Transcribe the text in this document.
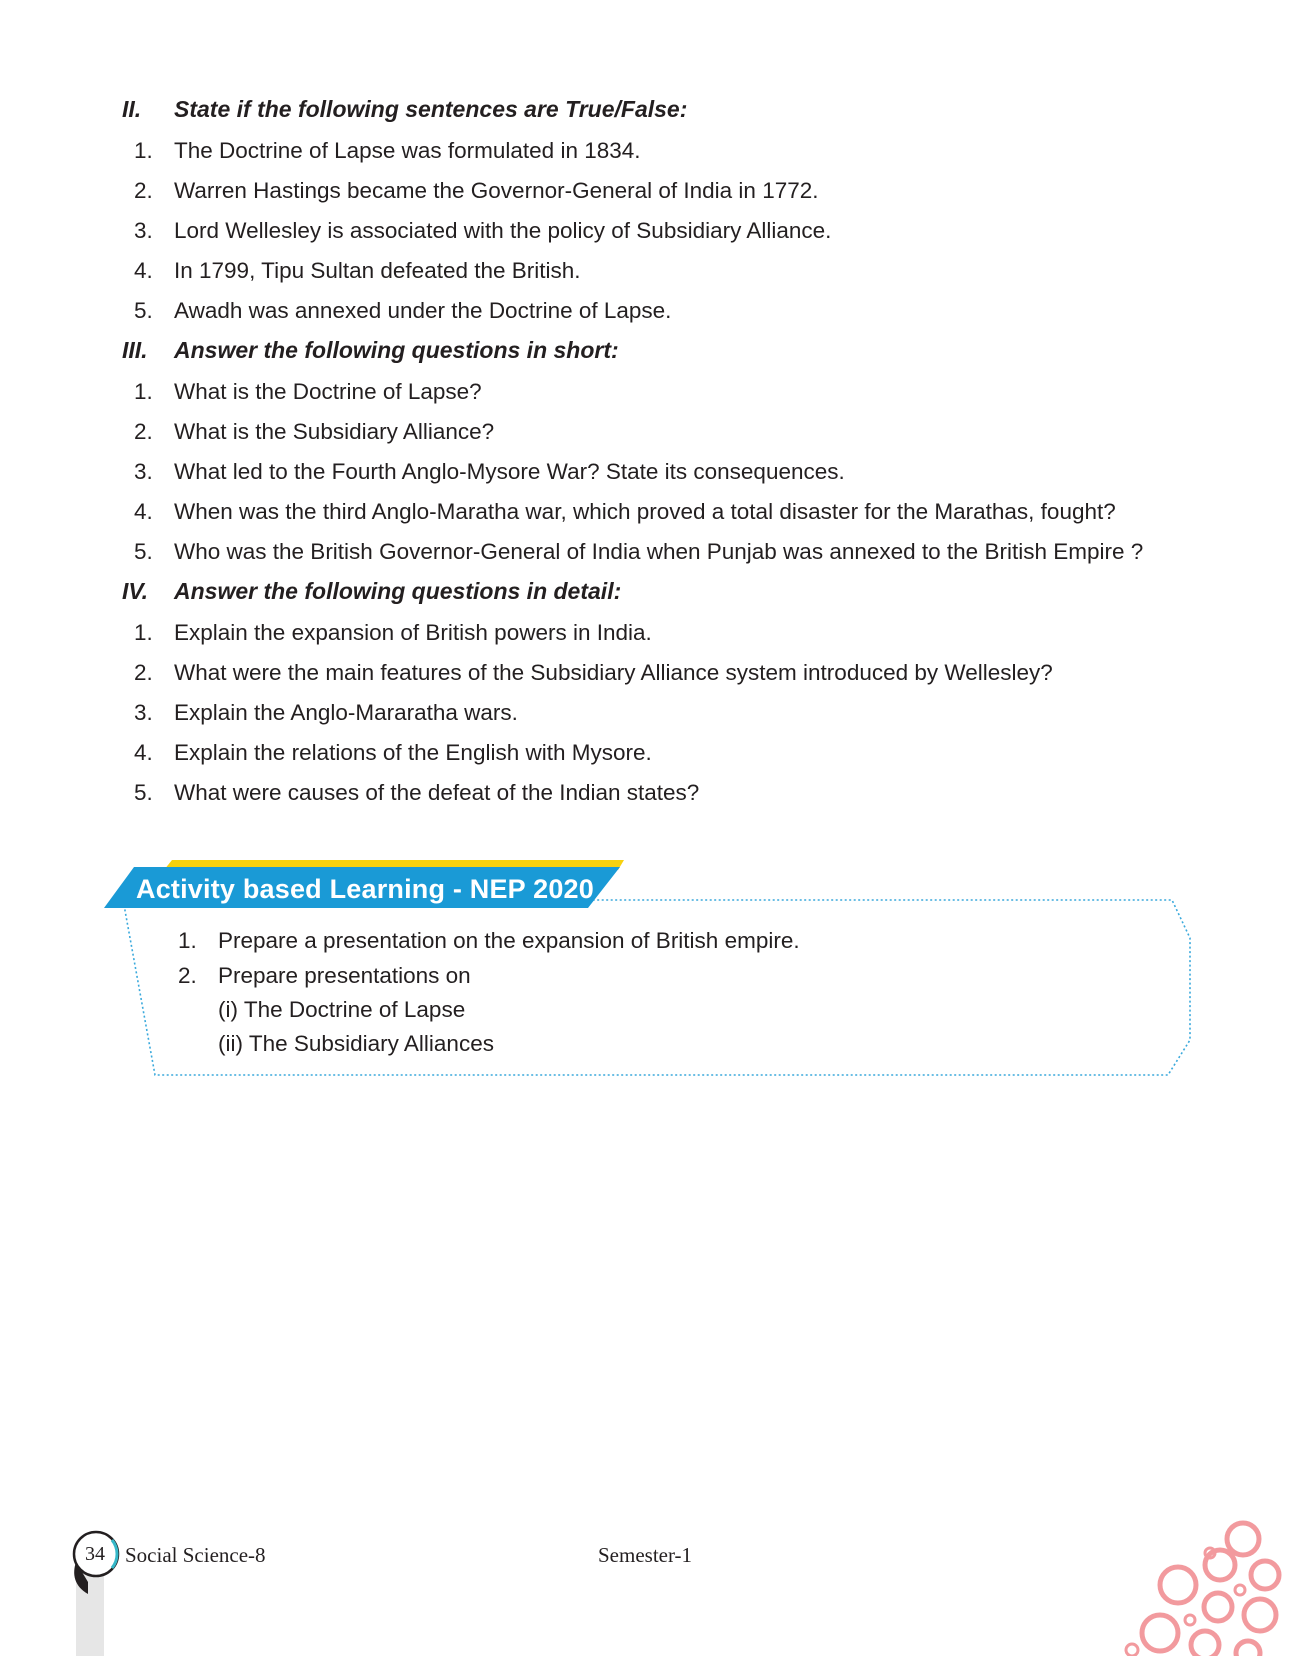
II. State if the following sentences are True/False:
1. The Doctrine of Lapse was formulated in 1834.
2. Warren Hastings became the Governor-General of India in 1772.
3. Lord Wellesley is associated with the policy of Subsidiary Alliance.
4. In 1799, Tipu Sultan defeated the British.
5. Awadh was annexed under the Doctrine of Lapse.
III. Answer the following questions in short:
1. What is the Doctrine of Lapse?
2. What is the Subsidiary Alliance?
3. What led to the Fourth Anglo-Mysore War? State its consequences.
4. When was the third Anglo-Maratha war, which proved a total disaster for the Marathas, fought?
5. Who was the British Governor-General of India when Punjab was annexed to the British Empire ?
IV. Answer the following questions in detail:
1. Explain the expansion of British powers in India.
2. What were the main features of the Subsidiary Alliance system introduced by Wellesley?
3. Explain the Anglo-Mararatha wars.
4. Explain the relations of the English with Mysore.
5. What were causes of the defeat of the Indian states?
Activity based Learning - NEP 2020
1. Prepare a presentation on the expansion of British empire.
2. Prepare presentations on
(i) The Doctrine of Lapse
(ii) The Subsidiary Alliances
34 Social Science-8	Semester-1
